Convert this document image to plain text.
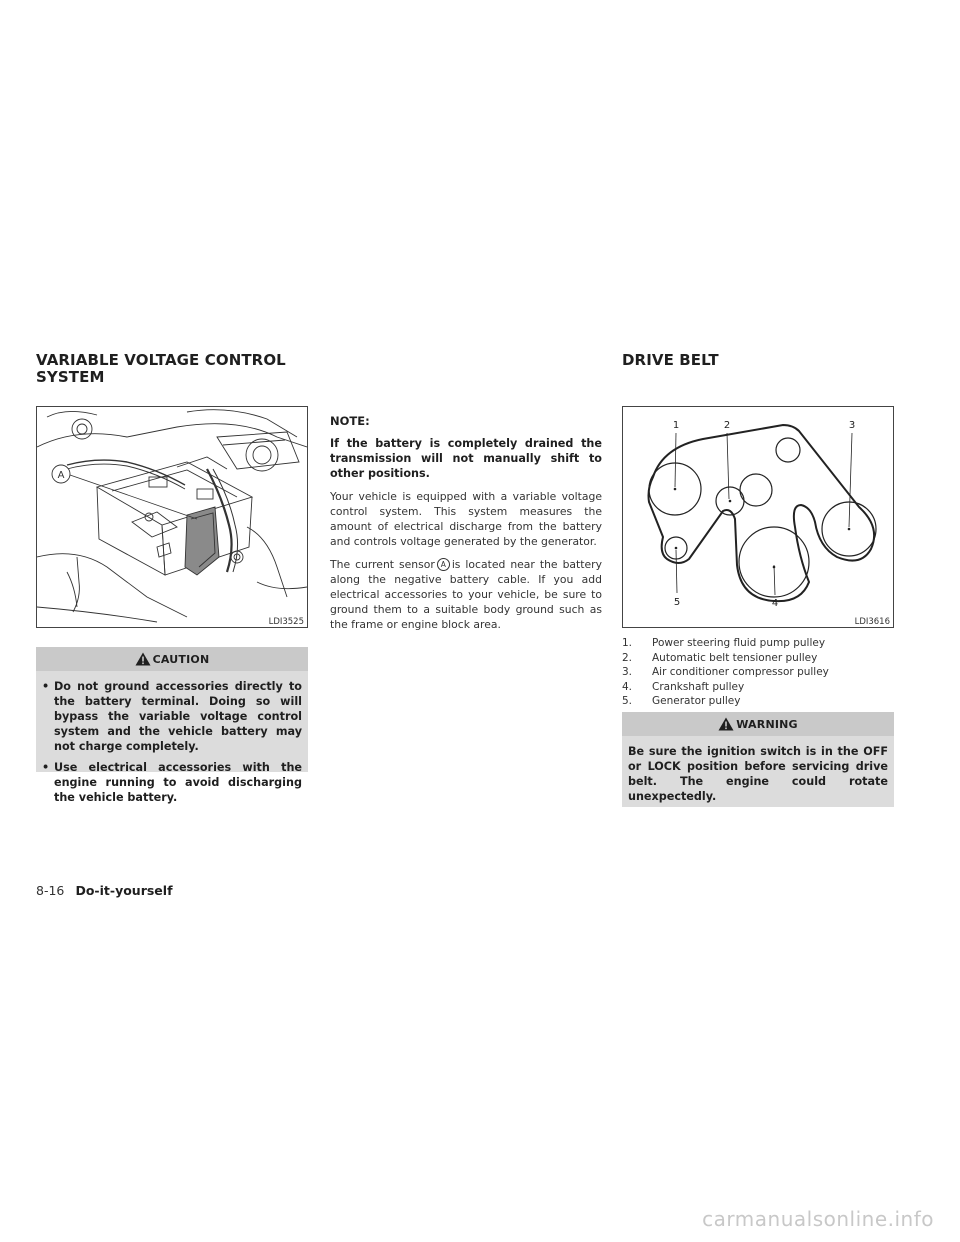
VARIABLE VOLTAGE CONTROL SYSTEM
A
LDI3525
CAUTION

• Do not ground accessories directly to the battery terminal. Doing so will bypass the variable voltage control system and the vehicle battery may not charge completely.

• Use electrical accessories with the engine running to avoid discharging the vehicle battery.

NOTE:

If the battery is completely drained the transmission will not manually shift to other positions.

Your vehicle is equipped with a variable voltage control system. This system measures the amount of electrical discharge from the battery and controls voltage generated by the generator.

The current sensor A is located near the battery along the negative battery cable. If you add electrical accessories to your vehicle, be sure to ground them to a suitable body ground such as the frame or engine block area.

DRIVE BELT
1	2	3
4
5
LDI3616
1. Power steering fluid pump pulley
2. Automatic belt tensioner pulley
3. Air conditioner compressor pulley
4. Crankshaft pulley
5. Generator pulley
WARNING

Be sure the ignition switch is in the OFF or LOCK position before servicing drive belt. The engine could rotate unexpectedly.

8-16 Do-it-yourself
carmanualsonline.info
